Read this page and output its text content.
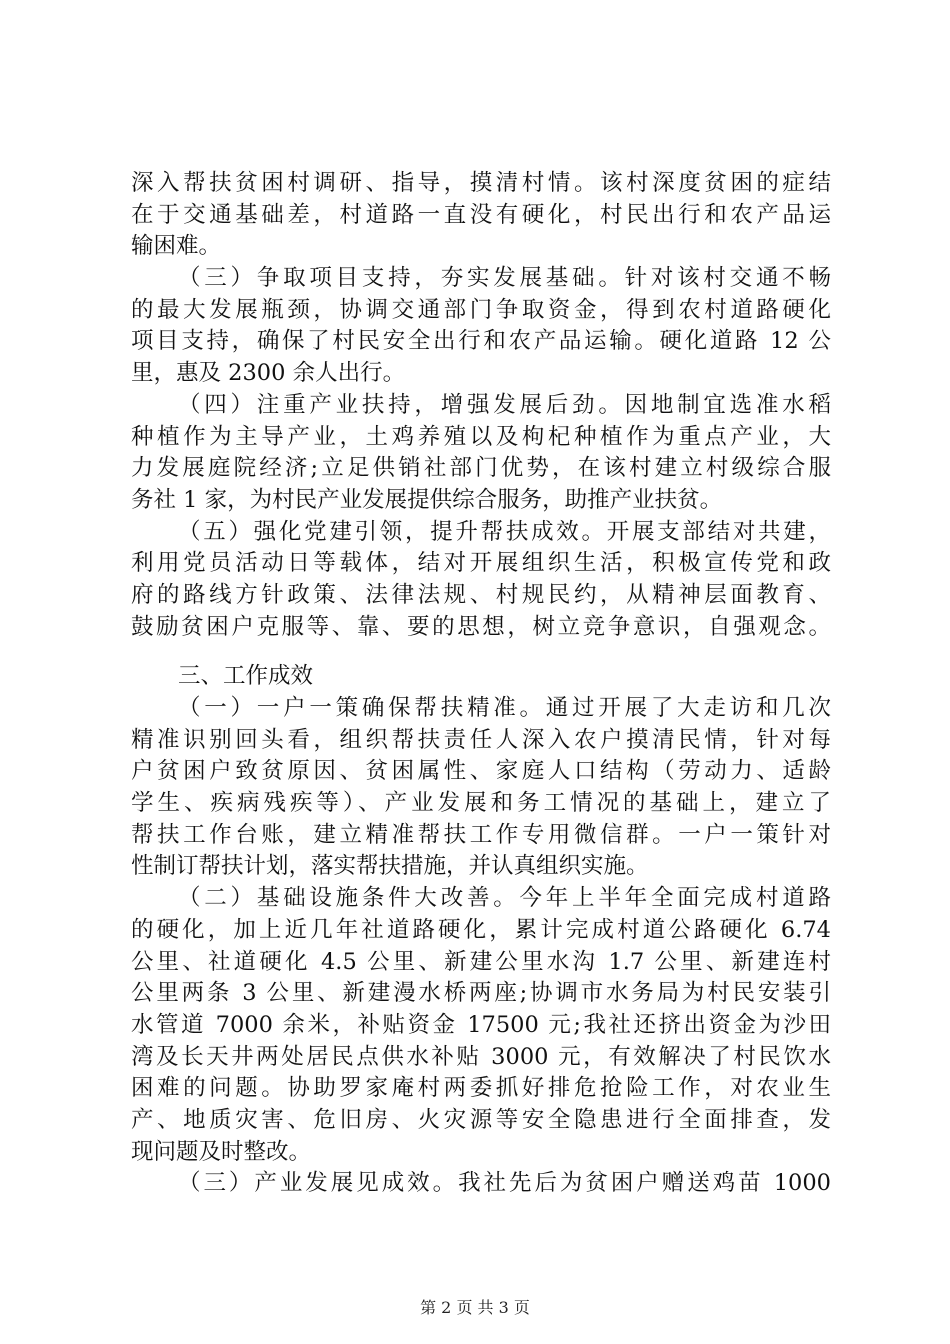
深入帮扶贫困村调研、指导，摸清村情。该村深度贫困的症结
在于交通基础差，村道路一直没有硬化，村民出行和农产品运
输困难。
（三）争取项目支持，夯实发展基础。针对该村交通不畅
的最大发展瓶颈，协调交通部门争取资金，得到农村道路硬化
项目支持，确保了村民安全出行和农产品运输。硬化道路 12 公
里，惠及 2300 余人出行。
（四）注重产业扶持，增强发展后劲。因地制宜选准水稻
种植作为主导产业，土鸡养殖以及枸杞种植作为重点产业，大
力发展庭院经济;立足供销社部门优势，在该村建立村级综合服
务社 1 家，为村民产业发展提供综合服务，助推产业扶贫。
（五）强化党建引领，提升帮扶成效。开展支部结对共建，
利用党员活动日等载体，结对开展组织生活，积极宣传党和政
府的路线方针政策、法律法规、村规民约，从精神层面教育、
鼓励贫困户克服等、靠、要的思想，树立竞争意识，自强观念。
三、工作成效
（一）一户一策确保帮扶精准。通过开展了大走访和几次
精准识别回头看，组织帮扶责任人深入农户摸清民情，针对每
户贫困户致贫原因、贫困属性、家庭人口结构（劳动力、适龄
学生、疾病残疾等）、产业发展和务工情况的基础上，建立了
帮扶工作台账，建立精准帮扶工作专用微信群。一户一策针对
性制订帮扶计划，落实帮扶措施，并认真组织实施。
（二）基础设施条件大改善。今年上半年全面完成村道路
的硬化，加上近几年社道路硬化，累计完成村道公路硬化 6.74
公里、社道硬化 4.5 公里、新建公里水沟 1.7 公里、新建连村
公里两条 3 公里、新建漫水桥两座;协调市水务局为村民安装引
水管道 7000 余米，补贴资金 17500 元;我社还挤出资金为沙田
湾及长天井两处居民点供水补贴 3000 元，有效解决了村民饮水
困难的问题。协助罗家庵村两委抓好排危抢险工作，对农业生
产、地质灾害、危旧房、火灾源等安全隐患进行全面排查，发
现问题及时整改。
（三）产业发展见成效。我社先后为贫困户赠送鸡苗 1000
第 2 页 共 3 页
